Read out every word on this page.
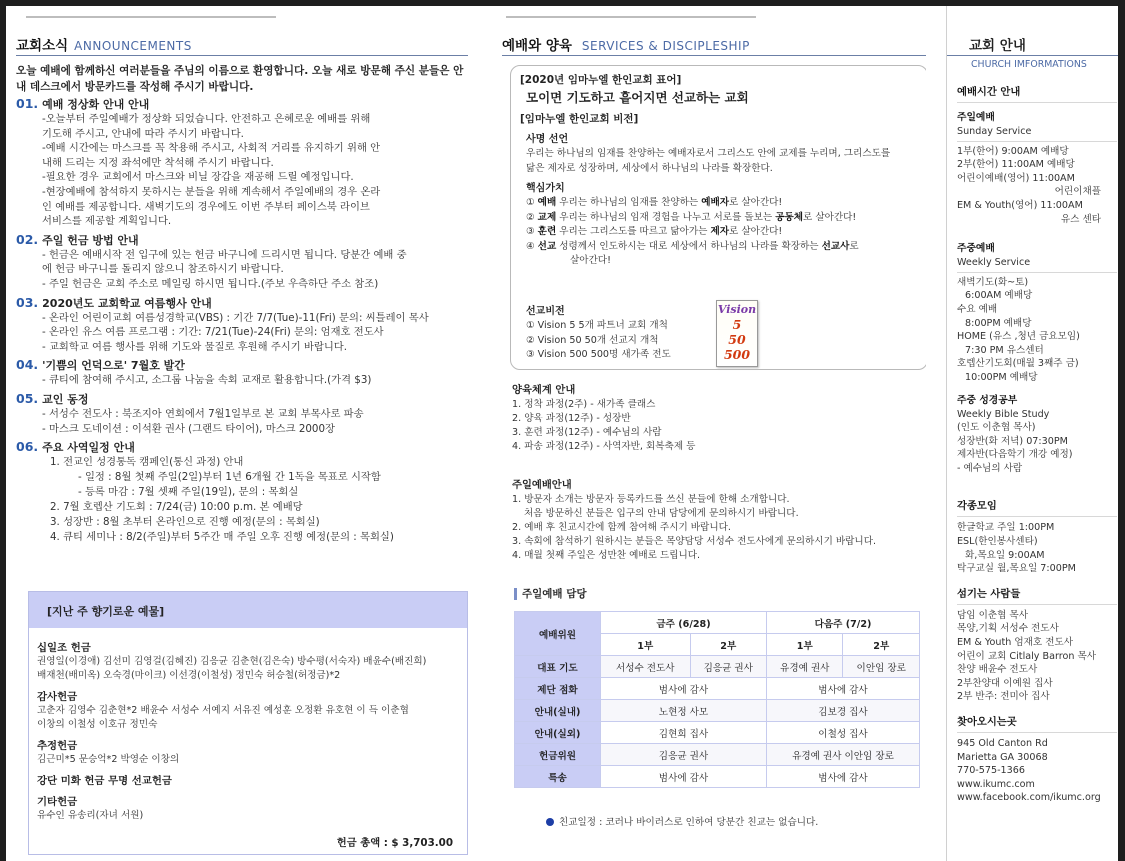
교회소식 ANNOUNCEMENTS
오늘 예배에 함께하신 여러분들을 주님의 이름으로 환영합니다. 오늘 새로 방문해 주신 분들은 안내 데스크에서 방문카드를 작성해 주시기 바랍니다.
01. 예배 정상화 안내 안내
-오늘부터 주일예배가 정상화 되었습니다. 안전하고 은혜로운 예배를 위해
기도해 주시고, 안내에 따라 주시기 바랍니다.
-예배 시간에는 마스크를 꼭 착용해 주시고, 사회적 거리를 유지하기 위해 안
내해 드리는 지정 좌석에만 착석해 주시기 바랍니다.
-필요한 경우 교회에서 마스크와 비닐 장갑을 재공해 드릴 예정입니다.
-현장예배에 참석하지 못하시는 분들을 위해 계속해서 주일예배의 경우 온라
인 예배를 제공합니다. 새벽기도의 경우에도 이번 주부터 페이스북 라이브
서비스를 제공할 계획입니다.
02. 주일 헌금 방법 안내
- 헌금은 예배시작 전 입구에 있는 헌금 바구니에 드리시면 됩니다. 당분간 예배 중
에 헌금 바구니를 돌리지 않으니 참조하시기 바랍니다.
- 주일 헌금은 교회 주소로 메일링 하시면 됩니다.(주보 우측하단 주소 참조)
03. 2020년도 교회학교 여름행사 안내
- 온라인 어린이교회 여름성경학교(VBS) : 기간 7/7(Tue)-11(Fri) 문의: 씨틀레이 목사
- 온라인 유스 여름 프로그램 : 기간: 7/21(Tue)-24(Fri) 문의: 엄재호 전도사
- 교회학교 여름 행사를 위해 기도와 물질로 후원해 주시기 바랍니다.
04. '기쁨의 언덕으로' 7월호 발간
- 큐티에 참여해 주시고, 소그룹 나눔을 속회 교재로 활용합니다.(가격 $3)
05. 교인 동정
- 서성수 전도사 : 북조지아 연회에서 7월1일부로 본 교회 부목사로 파송
- 마스크 도네이션 : 이석환 권사 (그랜드 타이어), 마스크 2000장
06. 주요 사역일정 안내
1. 전교인 성경통독 캠페인(통신 과정) 안내
- 일정 : 8월 첫째 주일(2일)부터 1년 6개월 간 1독을 목표로 시작함
- 등록 마감 : 7월 셋째 주일(19일), 문의 : 목회실
2. 7월 호렙산 기도회 : 7/24(금) 10:00 p.m. 본 예배당
3. 성장반 : 8월 초부터 온라인으로 진행 예정(문의 : 목회실)
4. 큐티 세미나 : 8/2(주일)부터 5주간 매 주일 오후 진행 예정(문의 : 목회실)
[지난 주 향기로운 예물]
십일조 헌금
권영일(이경애) 김선미 김영걸(김혜진) 김응균 김춘현(김은숙) 방수평(서숙자) 배윤수(배진희)
배재천(배미옥) 오숙경(마이크) 이선경(이철성) 정민숙 허승철(허정금)*2
감사헌금
고춘자 김영수 김춘현*2 배윤수 서성수 서예지 서유진 예성훈 오정환 유호현 이 득 이춘협
이창의 이철성 이호규 정민숙
추정헌금
김근미*5 문승억*2 박영순 이창의
강단 미화 헌금 무명 선교헌금
기타헌금
유수인 유송리(자녀 서원)
헌금 총액 : $ 3,703.00
예배와 양육 SERVICES & DISCIPLESHIP
[2020년 임마누엘 한인교회 표어]
모이면 기도하고 흩어지면 선교하는 교회
[임마누엘 한인교회 비전]
사명 선언
우리는 하나님의 임재를 찬양하는 예배자로서 그리스도 안에 교제를 누리며, 그리스도를
닮은 제자로 성장하며, 세상에서 하나님의 나라를 확장한다.
핵심가치
① 예배 우리는 하나님의 임재를 찬양하는 예배자로 살아간다!
② 교제 우리는 하나님의 임재 경험을 나누고 서로를 돌보는 공동체로 살아간다!
③ 훈련 우리는 그리스도를 따르고 닮아가는 제자로 살아간다!
④ 선교 성령께서 인도하시는 대로 세상에서 하나님의 나라를 확장하는 선교사로
살아간다!
선교비전
① Vision 5 5개 파트너 교회 개척
② Vision 50 50개 선교지 개척
③ Vision 500 500명 새가족 전도
Vision
5
50
500
양육체계 안내
1. 정착 과정(2주) - 새가족 클래스
2. 양육 과정(12주) - 성장반
3. 훈련 과정(12주) - 예수님의 사람
4. 파송 과정(12주) - 사역자반, 회복축제 등
주일예배안내
1. 방문자 소개는 방문자 등록카드를 쓰신 분들에 한해 소개합니다.
처음 방문하신 분들은 입구의 안내 담당에게 문의하시기 바랍니다.
2. 예배 후 친교시간에 함께 참여해 주시기 바랍니다.
3. 속회에 참석하기 원하시는 분들은 목양담당 서성수 전도사에게 문의하시기 바랍니다.
4. 매월 첫째 주일은 성만찬 예배로 드립니다.
주일예배 담당
예배위원	금주 (6/28)		다음주 (7/2)	
	1부	2부	1부	2부
대표 기도	서성수 전도사	김응균 권사	유경예 권사	이안임 장로
제단 점화	범사에 감사		범사에 감사	
안내(실내)	노현정 사모		김보경 집사	
안내(실외)	김현희 집사		이철성 집사	
헌금위원	김응균 권사		유경예 권사 이안임 장로	
특송	범사에 감사		범사에 감사	
친교일정 : 코러나 바이러스로 인하여 당분간 친교는 없습니다.
교회 안내
CHURCH IMFORMATIONS
예배시간 안내
주일예배
Sunday Service
1부(한어) 9:00AM 예배당
2부(한어) 11:00AM 예배당
어린이예배(영어) 11:00AM
어린이채플
EM & Youth(영어) 11:00AM
유스 센타
주중예배
Weekly Service
새벽기도(화~토)
6:00AM 예배당
수요 예배
8:00PM 예배당
HOME (유스 ,청년 금요모임)
7:30 PM 유스센터
호렙산기도회(매월 3째주 금)
10:00PM 예배당
주중 성경공부
Weekly Bible Study
(인도 이춘협 목사)
성장반(화 저녁) 07:30PM
제자반(다음학기 개강 예정)
- 예수님의 사람
각종모임
한글학교 주일 1:00PM
ESL(한인봉사센타)
화,목요일 9:00AM
탁구교실 월,목요일 7:00PM
섬기는 사람들
담임 이춘협 목사
목양,기획 서성수 전도사
EM & Youth 엄재호 전도사
어린이 교회 Citlaly Barron 목사
찬양 배윤수 전도사
2부찬양대 이예원 집사
2부 반주: 전미아 집사
찾아오시는곳
945 Old Canton Rd
Marietta GA 30068
770-575-1366
www.ikumc.com
www.facebook.com/ikumc.org
